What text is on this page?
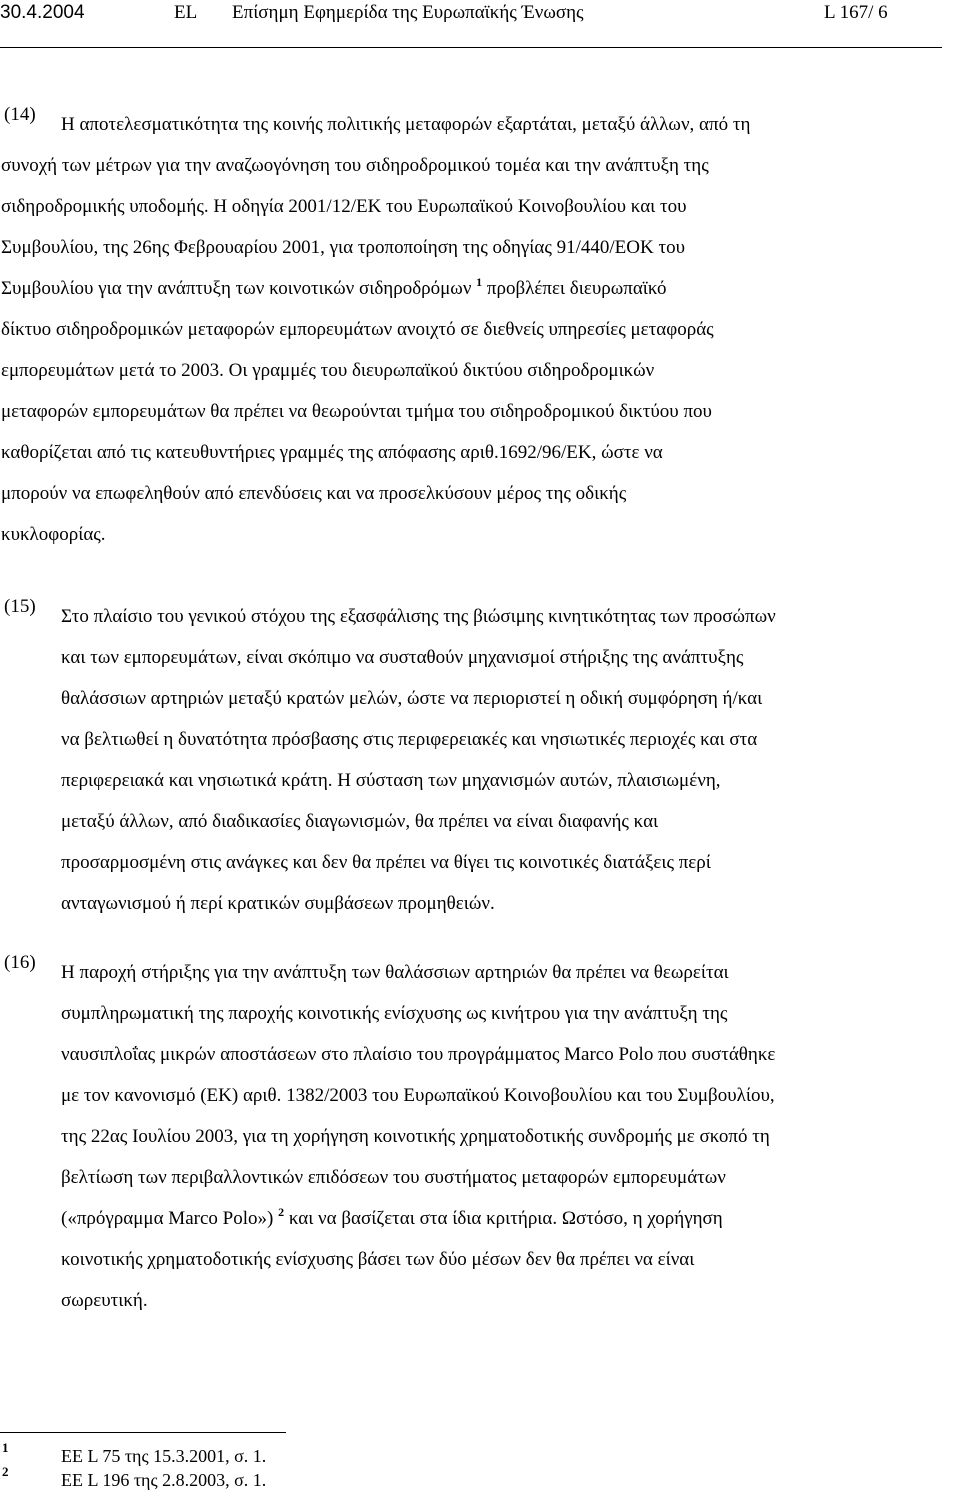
30.4.2004	EL Επίσημη Εφημερίδα της Ευρωπαϊκής Ένωσης	L 167/ 6
(14) Η αποτελεσματικότητα της κοινής πολιτικής μεταφορών εξαρτάται, μεταξύ άλλων, από τη
συνοχή των μέτρων για την αναζωογόνηση του σιδηροδρομικού τομέα και την ανάπτυξη της
σιδηροδρομικής υποδομής. Η οδηγία 2001/12/ΕΚ του Ευρωπαϊκού Κοινοβουλίου και του
Συμβουλίου, της 26ης Φεβρουαρίου 2001, για τροποποίηση της οδηγίας 91/440/ΕΟΚ του
Συμβουλίου για την ανάπτυξη των κοινοτικών σιδηροδρόμων $^1$ προβλέπει διευρωπαϊκό
δίκτυο σιδηροδρομικών μεταφορών εμπορευμάτων ανοιχτό σε διεθνείς υπηρεσίες μεταφοράς
εμπορευμάτων μετά το 2003. Οι γραμμές του διευρωπαϊκού δικτύου σιδηροδρομικών
μεταφορών εμπορευμάτων θα πρέπει να θεωρούνται τμήμα του σιδηροδρομικού δικτύου που
καθορίζεται από τις κατευθυντήριες γραμμές της απόφασης αριθ.1692/96/ΕΚ, ώστε να
μπορούν να επωφεληθούν από επενδύσεις και να προσελκύσουν μέρος της οδικής
κυκλοφορίας.
(15) Στο πλαίσιο του γενικού στόχου της εξασφάλισης της βιώσιμης κινητικότητας των προσώπων
και των εμπορευμάτων, είναι σκόπιμο να συσταθούν μηχανισμοί στήριξης της ανάπτυξης
θαλάσσιων αρτηριών μεταξύ κρατών μελών, ώστε να περιοριστεί η οδική συμφόρηση ή/και
να βελτιωθεί η δυνατότητα πρόσβασης στις περιφερειακές και νησιωτικές περιοχές και στα
περιφερειακά και νησιωτικά κράτη. Η σύσταση των μηχανισμών αυτών, πλαισιωμένη,
μεταξύ άλλων, από διαδικασίες διαγωνισμών, θα πρέπει να είναι διαφανής και
προσαρμοσμένη στις ανάγκες και δεν θα πρέπει να θίγει τις κοινοτικές διατάξεις περί
ανταγωνισμού ή περί κρατικών συμβάσεων προμηθειών.
(16) Η παροχή στήριξης για την ανάπτυξη των θαλάσσιων αρτηριών θα πρέπει να θεωρείται
συμπληρωματική της παροχής κοινοτικής ενίσχυσης ως κινήτρου για την ανάπτυξη της
ναυσιπλοΐας μικρών αποστάσεων στο πλαίσιο του προγράμματος Marco Polo που συστάθηκε
με τον κανονισμό (ΕΚ) αριθ. 1382/2003 του Ευρωπαϊκού Κοινοβουλίου και του Συμβουλίου,
της 22ας Ιουλίου 2003, για τη χορήγηση κοινοτικής χρηματοδοτικής συνδρομής με σκοπό τη
βελτίωση των περιβαλλοντικών επιδόσεων του συστήματος μεταφορών εμπορευμάτων
(«πρόγραμμα Marco Polo») $^2$ και να βασίζεται στα ίδια κριτήρια. Ωστόσο, η χορήγηση
κοινοτικής χρηματοδοτικής ενίσχυσης βάσει των δύο μέσων δεν θα πρέπει να είναι
σωρευτική.
1	ΕΕ L 75 της 15.3.2001, σ. 1.
2	ΕΕ L 196 της 2.8.2003, σ. 1.
